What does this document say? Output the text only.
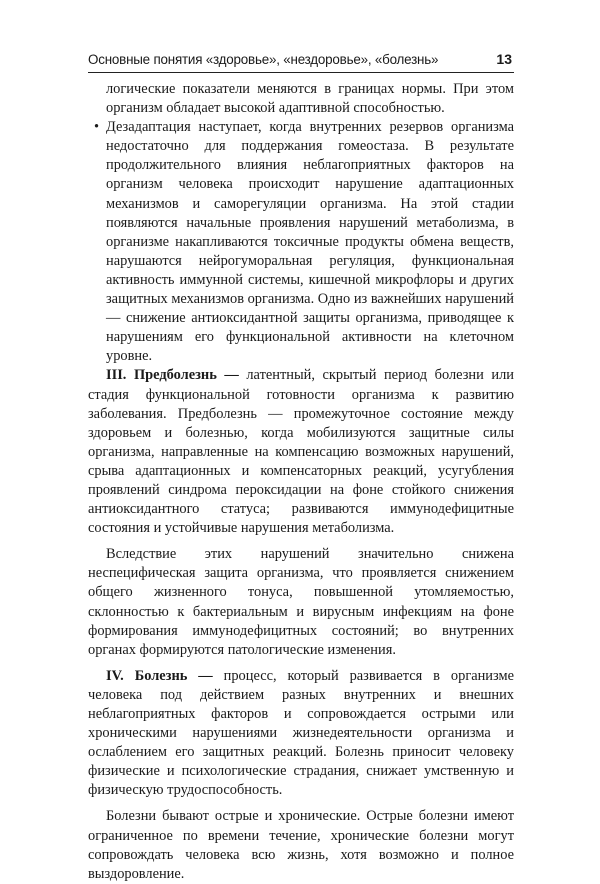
Основные понятия «здоровье», «нездоровье», «болезнь»	13

логические показатели меняются в границах нормы. При этом организм обладает высокой адаптивной способностью.

• Дезадаптация наступает, когда внутренних резервов организма недостаточно для поддержания гомеостаза. В результате продолжительного влияния неблагоприятных факторов на организм человека происходит нарушение адаптационных механизмов и саморегуляции организма. На этой стадии появляются начальные проявления нарушений метаболизма, в организме накапливаются токсичные продукты обмена веществ, нарушаются нейрогуморальная регуляция, функциональная активность иммунной системы, кишечной микрофлоры и других защитных механизмов организма. Одно из важнейших нарушений — снижение антиоксидантной защиты организма, приводящее к нарушениям его функциональной активности на клеточном уровне.

III. Предболезнь — латентный, скрытый период болезни или стадия функциональной готовности организма к развитию заболевания. Предболезнь — промежуточное состояние между здоровьем и болезнью, когда мобилизуются защитные силы организма, направленные на компенсацию возможных нарушений, срыва адаптационных и компенсаторных реакций, усугубления проявлений синдрома пероксидации на фоне стойкого снижения антиоксидантного статуса; развиваются иммунодефицитные состояния и устойчивые нарушения метаболизма.

Вследствие этих нарушений значительно снижена неспецифическая защита организма, что проявляется снижением общего жизненного тонуса, повышенной утомляемостью, склонностью к бактериальным и вирусным инфекциям на фоне формирования иммунодефицитных состояний; во внутренних органах формируются патологические изменения.

IV. Болезнь — процесс, который развивается в организме человека под действием разных внутренних и внешних неблагоприятных факторов и сопровождается острыми или хроническими нарушениями жизнедеятельности организма и ослаблением его защитных реакций. Болезнь приносит человеку физические и психологические страдания, снижает умственную и физическую трудоспособность.

Болезни бывают острые и хронические. Острые болезни имеют ограниченное по времени течение, хронические болезни могут сопровождать человека всю жизнь, хотя возможно и полное выздоровление.
